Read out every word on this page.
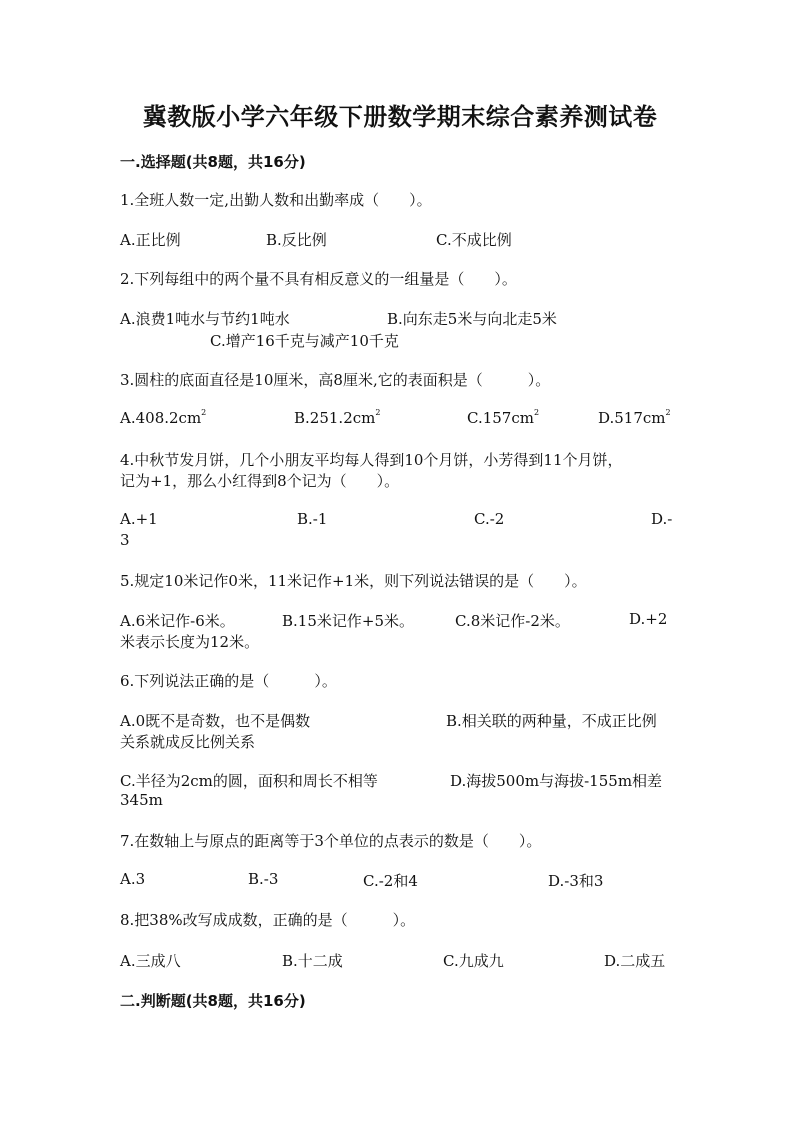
冀教版小学六年级下册数学期末综合素养测试卷
一.选择题(共8题，共16分)
1.全班人数一定,出勤人数和出勤率成（　　）。
A.正比例	B.反比例	C.不成比例
2.下列每组中的两个量不具有相反意义的一组量是（　　）。
A.浪费1吨水与节约1吨水	B.向东走5米与向北走5米
C.增产16千克与减产10千克
3.圆柱的底面直径是10厘米，高8厘米,它的表面积是（　　　）。
$A.408.2cm^2$	$B.251.2cm^2$	$C.157cm^2$	$D.517cm^2$
4.中秋节发月饼，几个小朋友平均每人得到10个月饼，小芳得到11个月饼，
记为+1，那么小红得到8个记为（　　）。
A.+1	B.-1	C.-2	D.-
3
5.规定10米记作0米，11米记作+1米，则下列说法错误的是（　　）。
A.6米记作-6米。	B.15米记作+5米。	C.8米记作-2米。	D.+2
米表示长度为12米。
6.下列说法正确的是（　　　）。
A.0既不是奇数，也不是偶数	B.相关联的两种量，不成正比例
关系就成反比例关系
C.半径为2cm的圆，面积和周长不相等	D.海拔500m与海拔-155m相差
345m
7.在数轴上与原点的距离等于3个单位的点表示的数是（　　）。
A.3	B.-3	C.-2和4	D.-3和3
8.把38%改写成成数，正确的是（　　　）。
A.三成八	B.十二成	C.九成九	D.二成五
二.判断题(共8题，共16分)
